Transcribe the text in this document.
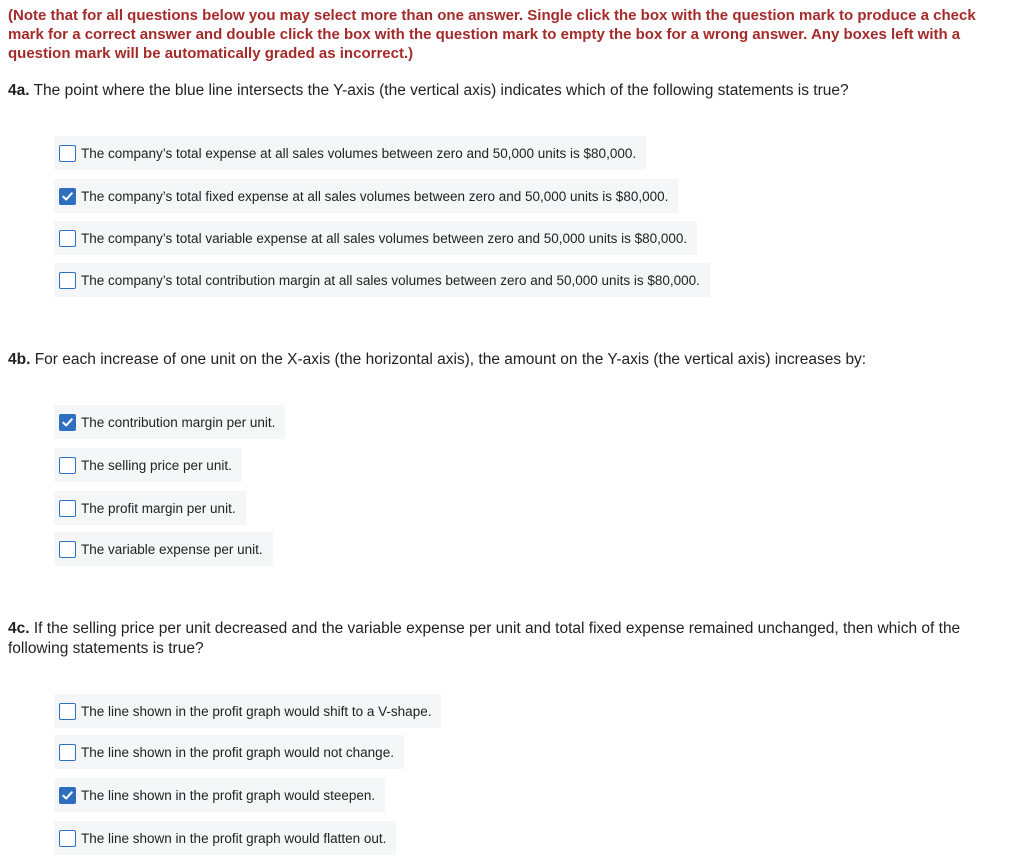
(Note that for all questions below you may select more than one answer. Single click the box with the question mark to produce a check mark for a correct answer and double click the box with the question mark to empty the box for a wrong answer. Any boxes left with a question mark will be automatically graded as incorrect.)
4a. The point where the blue line intersects the Y-axis (the vertical axis) indicates which of the following statements is true?
The company’s total expense at all sales volumes between zero and 50,000 units is $80,000.
The company’s total fixed expense at all sales volumes between zero and 50,000 units is $80,000.
The company’s total variable expense at all sales volumes between zero and 50,000 units is $80,000.
The company’s total contribution margin at all sales volumes between zero and 50,000 units is $80,000.
4b. For each increase of one unit on the X-axis (the horizontal axis), the amount on the Y-axis (the vertical axis) increases by:
The contribution margin per unit.
The selling price per unit.
The profit margin per unit.
The variable expense per unit.
4c. If the selling price per unit decreased and the variable expense per unit and total fixed expense remained unchanged, then which of the following statements is true?
The line shown in the profit graph would shift to a V-shape.
The line shown in the profit graph would not change.
The line shown in the profit graph would steepen.
The line shown in the profit graph would flatten out.
